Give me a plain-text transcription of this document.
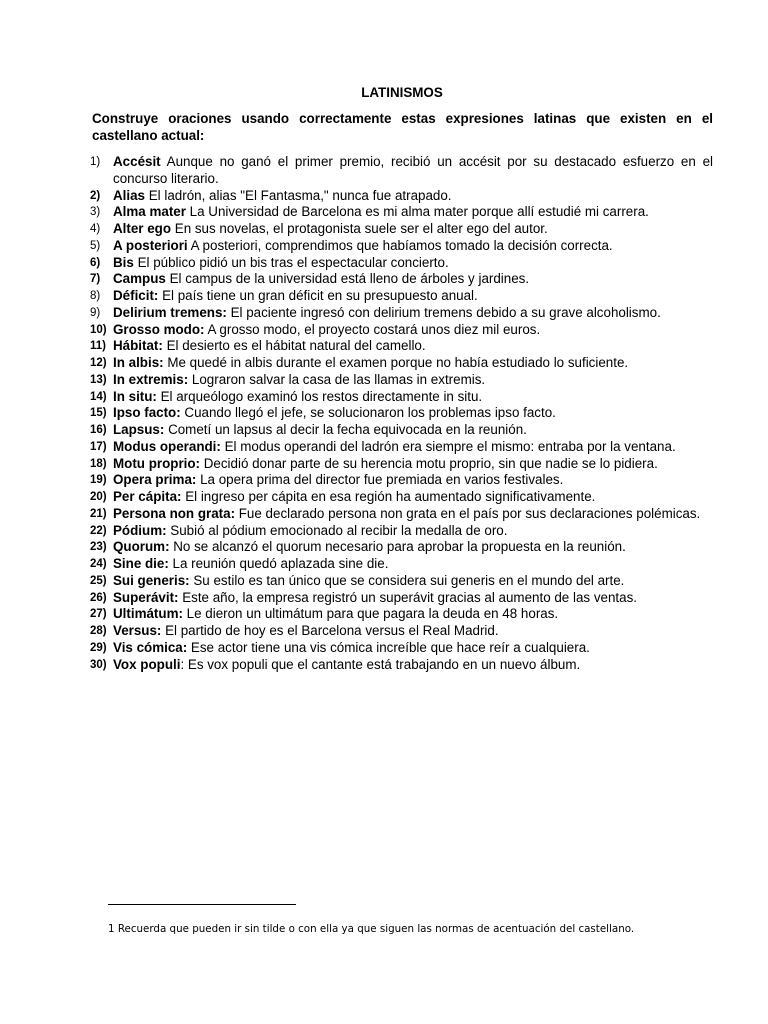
LATINISMOS
Construye oraciones usando correctamente estas expresiones latinas que existen en el castellano actual:
1) Accésit Aunque no ganó el primer premio, recibió un accésit por su destacado esfuerzo en el concurso literario.
2) Alias El ladrón, alias "El Fantasma," nunca fue atrapado.
3) Alma mater La Universidad de Barcelona es mi alma mater porque allí estudié mi carrera.
4) Alter ego En sus novelas, el protagonista suele ser el alter ego del autor.
5) A posteriori A posteriori, comprendimos que habíamos tomado la decisión correcta.
6) Bis El público pidió un bis tras el espectacular concierto.
7) Campus El campus de la universidad está lleno de árboles y jardines.
8) Déficit: El país tiene un gran déficit en su presupuesto anual.
9) Delirium tremens: El paciente ingresó con delirium tremens debido a su grave alcoholismo.
10) Grosso modo: A grosso modo, el proyecto costará unos diez mil euros.
11) Hábitat: El desierto es el hábitat natural del camello.
12) In albis: Me quedé in albis durante el examen porque no había estudiado lo suficiente.
13) In extremis: Lograron salvar la casa de las llamas in extremis.
14) In situ: El arqueólogo examinó los restos directamente in situ.
15) Ipso facto: Cuando llegó el jefe, se solucionaron los problemas ipso facto.
16) Lapsus: Cometí un lapsus al decir la fecha equivocada en la reunión.
17) Modus operandi: El modus operandi del ladrón era siempre el mismo: entraba por la ventana.
18) Motu proprio: Decidió donar parte de su herencia motu proprio, sin que nadie se lo pidiera.
19) Opera prima: La opera prima del director fue premiada en varios festivales.
20) Per cápita: El ingreso per cápita en esa región ha aumentado significativamente.
21) Persona non grata: Fue declarado persona non grata en el país por sus declaraciones polémicas.
22) Pódium: Subió al pódium emocionado al recibir la medalla de oro.
23) Quorum: No se alcanzó el quorum necesario para aprobar la propuesta en la reunión.
24) Sine die: La reunión quedó aplazada sine die.
25) Sui generis: Su estilo es tan único que se considera sui generis en el mundo del arte.
26) Superávit: Este año, la empresa registró un superávit gracias al aumento de las ventas.
27) Ultimátum: Le dieron un ultimátum para que pagara la deuda en 48 horas.
28) Versus: El partido de hoy es el Barcelona versus el Real Madrid.
29) Vis cómica: Ese actor tiene una vis cómica increíble que hace reír a cualquiera.
30) Vox populi: Es vox populi que el cantante está trabajando en un nuevo álbum.
1 Recuerda que pueden ir sin tilde o con ella ya que siguen las normas de acentuación del castellano.
